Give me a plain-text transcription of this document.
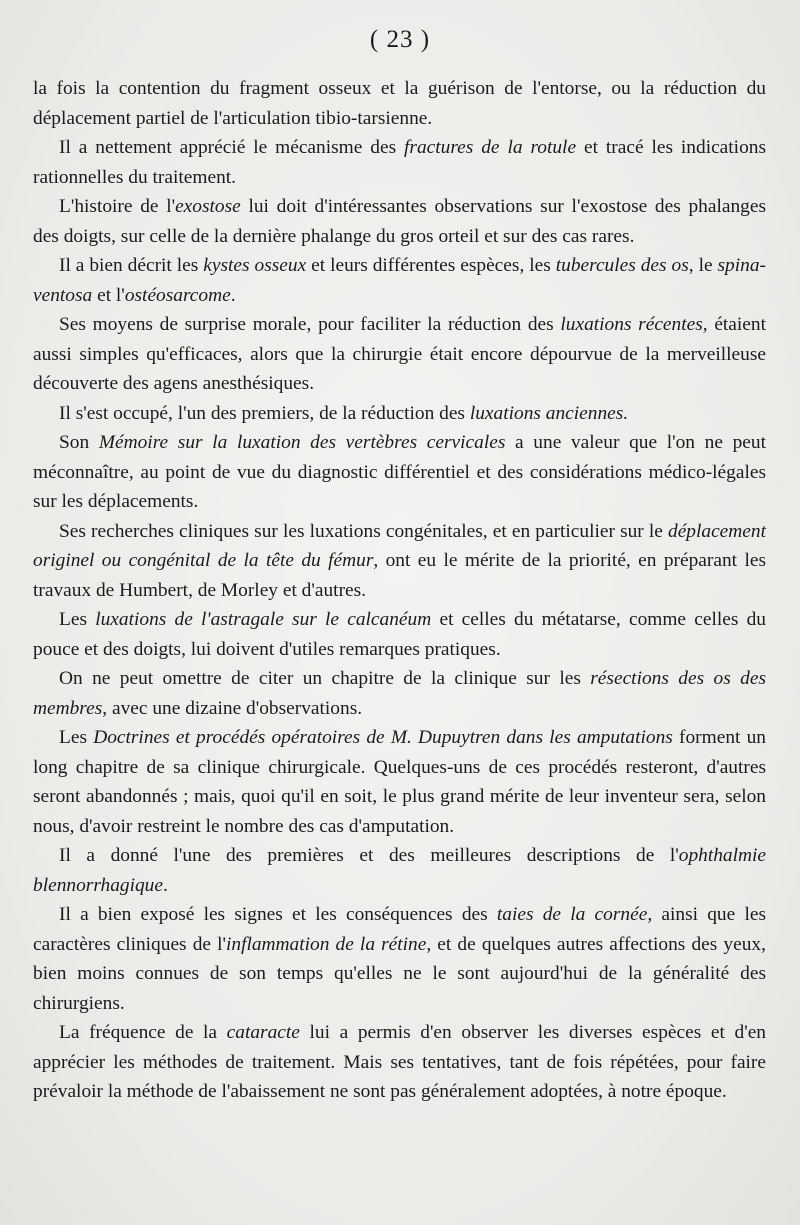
( 23 )

la fois la contention du fragment osseux et la guérison de l'entorse, ou la réduction du déplacement partiel de l'articulation tibio-tarsienne.

Il a nettement apprécié le mécanisme des fractures de la rotule et tracé les indications rationnelles du traitement.

L'histoire de l'exostose lui doit d'intéressantes observations sur l'exostose des phalanges des doigts, sur celle de la dernière phalange du gros orteil et sur des cas rares.

Il a bien décrit les kystes osseux et leurs différentes espèces, les tubercules des os, le spina-ventosa et l'ostéosarcome.

Ses moyens de surprise morale, pour faciliter la réduction des luxations récentes, étaient aussi simples qu'efficaces, alors que la chirurgie était encore dépourvue de la merveilleuse découverte des agens anesthésiques.

Il s'est occupé, l'un des premiers, de la réduction des luxations anciennes.

Son Mémoire sur la luxation des vertèbres cervicales a une valeur que l'on ne peut méconnaître, au point de vue du diagnostic différentiel et des considérations médico-légales sur les déplacements.

Ses recherches cliniques sur les luxations congénitales, et en particulier sur le déplacement originel ou congénital de la tête du fémur, ont eu le mérite de la priorité, en préparant les travaux de Humbert, de Morley et d'autres.

Les luxations de l'astragale sur le calcanéum et celles du métatarse, comme celles du pouce et des doigts, lui doivent d'utiles remarques pratiques.

On ne peut omettre de citer un chapitre de la clinique sur les résections des os des membres, avec une dizaine d'observations.

Les Doctrines et procédés opératoires de M. Dupuytren dans les amputations forment un long chapitre de sa clinique chirurgicale. Quelques-uns de ces procédés resteront, d'autres seront abandonnés ; mais, quoi qu'il en soit, le plus grand mérite de leur inventeur sera, selon nous, d'avoir restreint le nombre des cas d'amputation.

Il a donné l'une des premières et des meilleures descriptions de l'ophthalmie blennorrhagique.

Il a bien exposé les signes et les conséquences des taies de la cornée, ainsi que les caractères cliniques de l'inflammation de la rétine, et de quelques autres affections des yeux, bien moins connues de son temps qu'elles ne le sont aujourd'hui de la généralité des chirurgiens.

La fréquence de la cataracte lui a permis d'en observer les diverses espèces et d'en apprécier les méthodes de traitement. Mais ses tentatives, tant de fois répétées, pour faire prévaloir la méthode de l'abaissement ne sont pas généralement adoptées, à notre époque.
